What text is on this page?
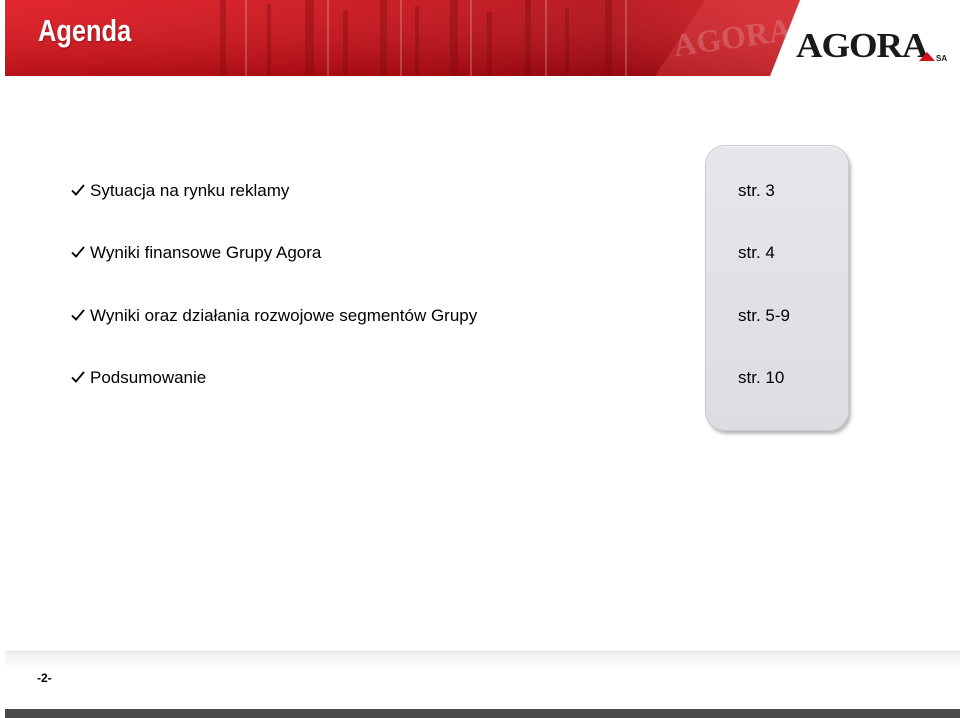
AGORA
Agenda	AGORA SA
Sytuacja na rynku reklamy	str. 3
Wyniki finansowe Grupy Agora	str. 4
Wyniki oraz działania rozwojowe segmentów Grupy	str. 5-9
Podsumowanie	str. 10
-2-
